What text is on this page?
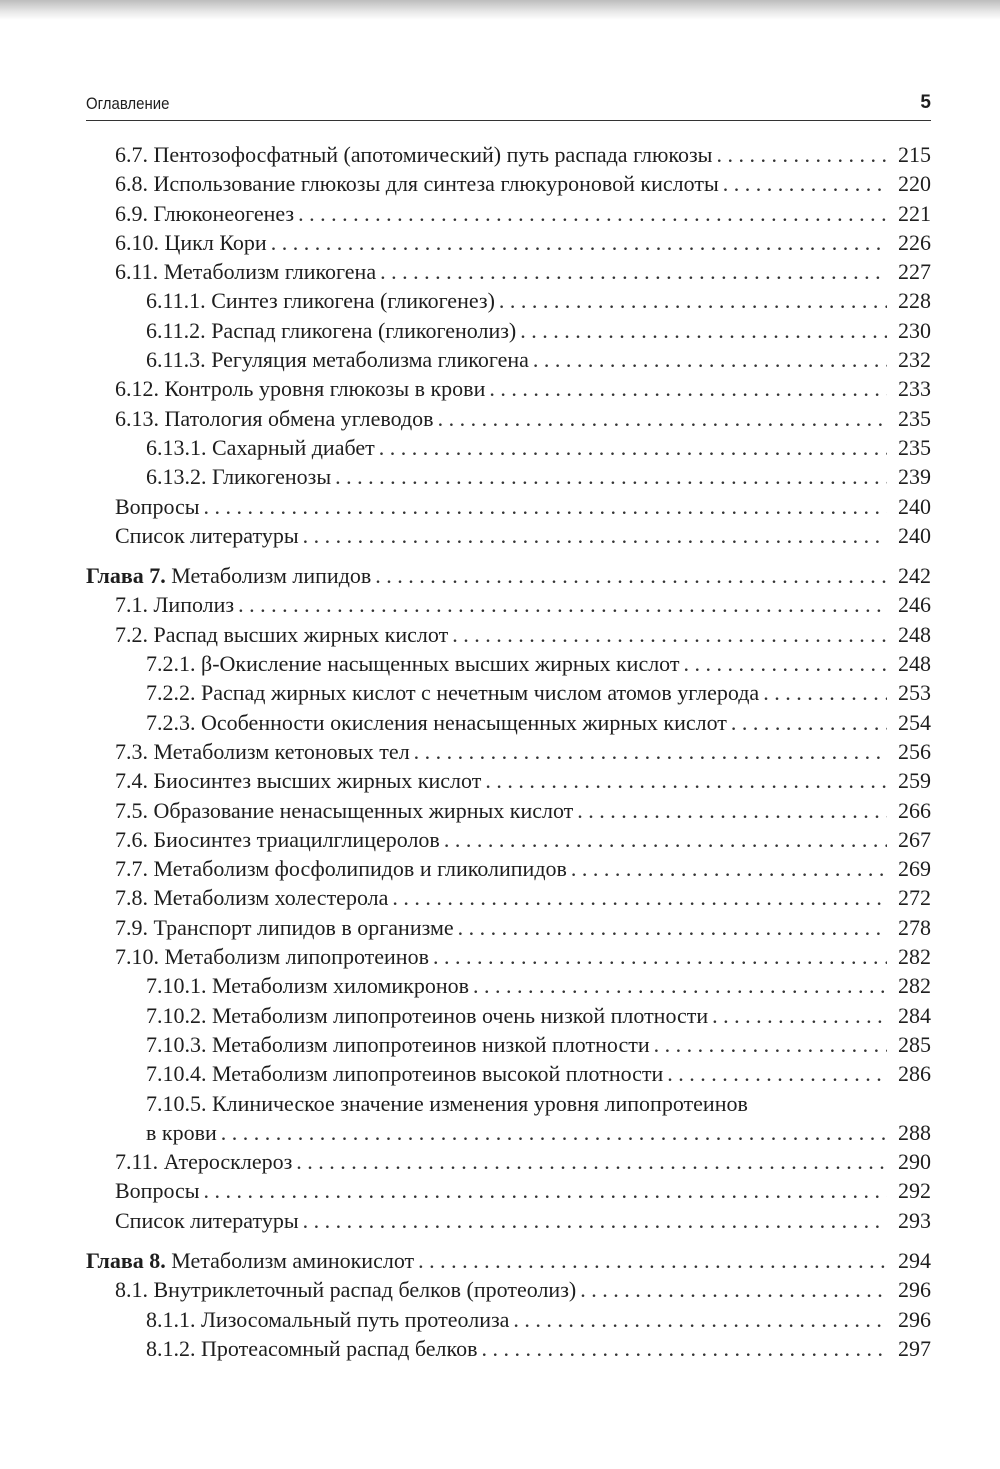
Оглавление	5
6.7. Пентозофосфатный (апотомический) путь распада глюкозы . . .	215
6.8. Использование глюкозы для синтеза глюкуроновой кислоты . . .	220
6.9. Глюконеогенез . . .	221
6.10. Цикл Кори . . .	226
6.11. Метаболизм гликогена . . .	227
6.11.1. Синтез гликогена (гликогенез) . . .	228
6.11.2. Распад гликогена (гликогенолиз) . . .	230
6.11.3. Регуляция метаболизма гликогена . . .	232
6.12. Контроль уровня глюкозы в крови . . .	233
6.13. Патология обмена углеводов . . .	235
6.13.1. Сахарный диабет . . .	235
6.13.2. Гликогенозы . . .	239
Вопросы . . .	240
Список литературы . . .	240
Глава 7. Метаболизм липидов . . .	242
7.1. Липолиз . . .	246
7.2. Распад высших жирных кислот . . .	248
7.2.1. β-Окисление насыщенных высших жирных кислот . . .	248
7.2.2. Распад жирных кислот с нечетным числом атомов углерода . . .	253
7.2.3. Особенности окисления ненасыщенных жирных кислот . . .	254
7.3. Метаболизм кетоновых тел . . .	256
7.4. Биосинтез высших жирных кислот . . .	259
7.5. Образование ненасыщенных жирных кислот . . .	266
7.6. Биосинтез триацилглицеролов . . .	267
7.7. Метаболизм фосфолипидов и гликолипидов . . .	269
7.8. Метаболизм холестерола . . .	272
7.9. Транспорт липидов в организме . . .	278
7.10. Метаболизм липопротеинов . . .	282
7.10.1. Метаболизм хиломикронов . . .	282
7.10.2. Метаболизм липопротеинов очень низкой плотности . . .	284
7.10.3. Метаболизм липопротеинов низкой плотности . . .	285
7.10.4. Метаболизм липопротеинов высокой плотности . . .	286
7.10.5. Клиническое значение изменения уровня липопротеинов
в крови . . .	288
7.11. Атеросклероз . . .	290
Вопросы . . .	292
Список литературы . . .	293
Глава 8. Метаболизм аминокислот . . .	294
8.1. Внутриклеточный распад белков (протеолиз) . . .	296
8.1.1. Лизосомальный путь протеолиза . . .	296
8.1.2. Протеасомный распад белков . . .	297
